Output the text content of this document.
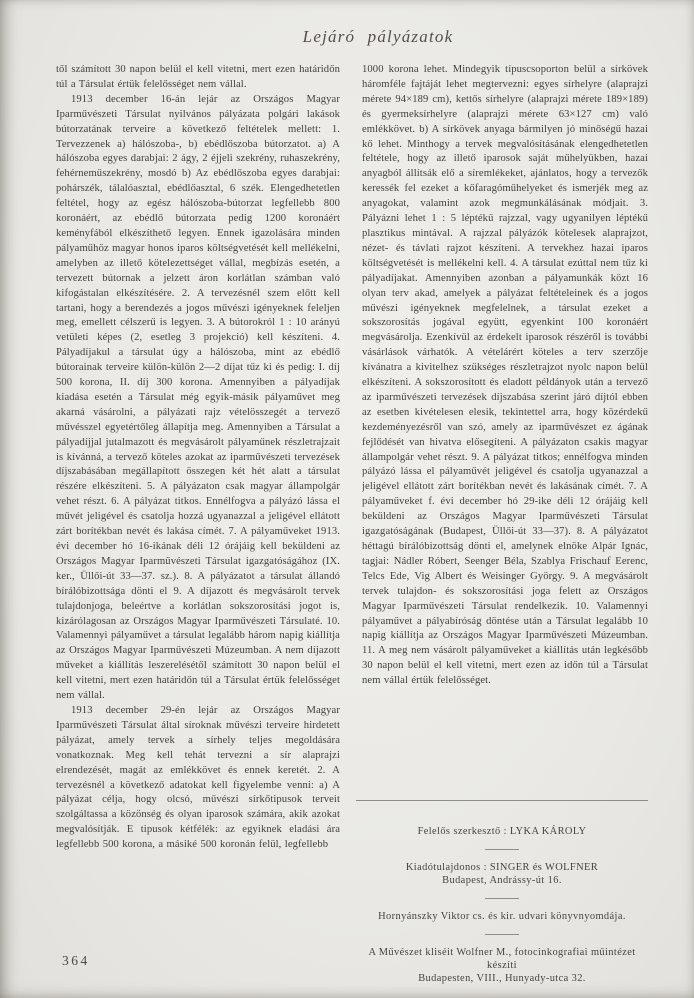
Lejáró pályázatok

től számított 30 napon belül el kell vitetni, mert ezen határidőn túl a Társulat értük felelősséget nem vállal.

1913 december 16-án lejár az Országos Magyar Iparművészeti Társulat nyilvános pályázata polgári lakások bútorzatának terveire a következő feltételek mellett: 1. Tervezzenek a) hálószoba-, b) ebédlőszoba bútorzatot. a) A hálószoba egyes darabjai: 2 ágy, 2 éjjeli szekrény, ruhaszekrény, fehérneműszekrény, mosdó b) Az ebédlőszoba egyes darabjai: pohárszék, tálalóasztal, ebédlőasztal, 6 szék. Elengedhetetlen feltétel, hogy az egész hálószoba-bútorzat legfellebb 800 koronáért, az ebédlő bútorzata pedig 1200 koronáért keményfából elkészíthető legyen. Ennek igazolására minden pályaműhöz magyar honos iparos költségvetését kell mellékelni, amelyben az illető kötelezettséget vállal, megbízás esetén, a tervezett bútornak a jelzett áron korlátlan számban való kifogástalan elkészítésére. 2. A tervezésnél szem előtt kell tartani, hogy a berendezés a jogos művészi igényeknek feleljen meg, emellett célszerű is legyen. 3. A bútorokról 1 : 10 arányú vetületi képes (2, esetleg 3 projekció) kell készíteni. 4. Pályadíjakul a társulat úgy a hálószoba, mint az ebédlő bútorainak terveire külön-külön 2—2 díjat tűz ki és pedig: I. díj 500 korona, II. díj 300 korona. Amennyiben a pályadíjak kiadása esetén a Társulat még egyik-másik pályaművet meg akarná vásárolni, a pályázati rajz vételösszegét a tervező művésszel egyetértőleg állapítja meg. Amennyiben a Társulat a pályadíjjal jutalmazott és megvásárolt pályaműnek részletrajzait is kívánná, a tervező köteles azokat az iparművészeti tervezések díjszabásában megállapított összegen két hét alatt a társulat részére elkészíteni. 5. A pályázaton csak magyar állampolgár vehet részt. 6. A pályázat titkos. Ennélfogva a pályázó lássa el művét jeligével és csatolja hozzá ugyanazzal a jeligével ellátott zárt borítékban nevét és lakása címét. 7. A pályaműveket 1913. évi december hó 16-ikának déli 12 órájáig kell beküldeni az Országos Magyar Iparművészeti Társulat igazgatóságához (IX. ker., Üllői-út 33—37. sz.). 8. A pályázatot a társulat állandó bírálóbizottsága dönti el 9. A díjazott és megvásárolt tervek tulajdonjoga, beleértve a korlátlan sokszorosítási jogot is, kizárólagosan az Országos Magyar Iparművészeti Társulaté. 10. Valamennyi pályaművet a társulat legalább három napig kiállítja az Országos Magyar Iparművészeti Múzeumban. A nem díjazott műveket a kiállítás leszerelésétől számított 30 napon belül el kell vitetni, mert ezen határidőn túl a Társulat értük felelősséget nem vállal.

1913 december 29-én lejár az Országos Magyar Iparművészeti Társulat által síroknak művészi terveire hirdetett pályázat, amely tervek a sírhely teljes megoldására vonatkoznak. Meg kell tehát tervezni a sír alaprajzi elrendezését, magát az emlékkövet és ennek keretét. 2. A tervezésnél a következő adatokat kell figyelembe venni: a) A pályázat célja, hogy olcsó, művészi sírkőtipusok terveit szolgáltassa a közönség és olyan iparosok számára, akik azokat megvalósítják. E tipusok kétfélék: az egyiknek eladási ára legfellebb 500 korona, a másiké 500 koronán felül, legfellebb

1000 korona lehet. Mindegyik típuscsoporton belül a sírkövek háromféle fajtáját lehet megtervezni: egyes sírhelyre (alaprajzi mérete 94×189 cm), kettős sírhelyre (alaprajzi mérete 189×189) és gyermeksírhelyre (alaprajzi mérete 63×127 cm) való emlékkövet. b) A sírkövek anyaga bármilyen jó minőségű hazai kő lehet. Minthogy a tervek megvalósításának elengedhetetlen feltétele, hogy az illető iparosok saját műhelyükben, hazai anyagból állítsák elő a síremlékeket, ajánlatos, hogy a tervezők keressék fel ezeket a kőfaragóműhelyeket és ismerjék meg az anyagokat, valamint azok megmunkálásának módjait. 3. Pályázni lehet 1 : 5 léptékű rajzzal, vagy ugyanilyen léptékű plasztikus mintával. A rajzzal pályázók kötelesek alaprajzot, nézet- és távlati rajzot készíteni. A tervekhez hazai iparos költségvetését is mellékelni kell. 4. A társulat ezúttal nem tűz ki pályadíjakat. Amennyiben azonban a pályamunkák közt 16 olyan terv akad, amelyek a pályázat feltételeinek és a jogos művészi igényeknek megfelelnek, a társulat ezeket a sokszorosítás jogával együtt, egyenkint 100 koronáért megvásárolja. Ezenkívül az érdekelt iparosok részéről is további vásárlások várhatók. A vételárért köteles a terv szerzője kívánatra a kivitelhez szükséges részletrajzot nyolc napon belül elkészíteni. A sokszorosított és eladott példányok után a tervező az iparművészeti tervezések díjszabása szerint járó díjtól ebben az esetben kivételesen elesik, tekintettel arra, hogy közérdekű kezdeményezésről van szó, amely az iparművészet ez ágának fejlődését van hivatva elősegíteni. A pályázaton csakis magyar állampolgár vehet részt. 9. A pályázat titkos; ennélfogva minden pályázó lássa el pályaművét jeligével és csatolja ugyanazzal a jeligével ellátott zárt borítékban nevét és lakásának címét. 7. A pályaműveket f. évi december hó 29-ike déli 12 órájáig kell beküldeni az Országos Magyar Iparművészeti Társulat igazgatóságának (Budapest, Üllői-út 33—37). 8. A pályázatot héttagú bírálóbizottság dönti el, amelynek elnöke Alpár Ignác, tagjai: Nádler Róbert, Seenger Béla, Szablya Frischauf Eerenc, Telcs Ede, Vig Albert és Weisinger György. 9. A megvásárolt tervek tulajdon- és sokszorosítási joga felett az Országos Magyar Iparművészeti Társulat rendelkezik. 10. Valamennyi pályaművet a pályabíróság döntése után a Társulat legalább 10 napig kiállítja az Országos Magyar Iparművészeti Múzeumban. 11. A meg nem vásárolt pályaműveket a kiállítás után legkésőbb 30 napon belül el kell vitetni, mert ezen az időn túl a Társulat nem vállal értük felelősséget.

Felelős szerkesztő : LYKA KÁROLY

Kiadótulajdonos : SINGER és WOLFNER

Budapest, Andrássy-út 16.

Hornyánszky Viktor cs. és kir. udvari könyvnyomdája.

A Művészet kliséit Wolfner M., fotocinkografiai műintézet készíti

Budapesten, VIII., Hunyady-utca 32.

364
